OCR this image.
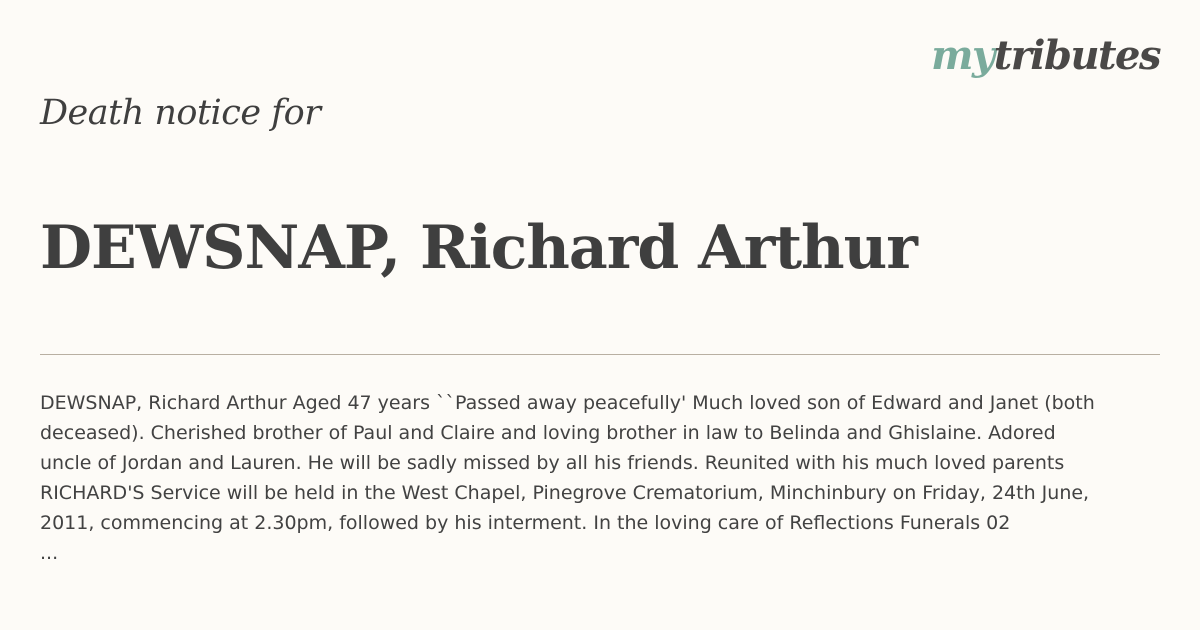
mytributes
Death notice for
DEWSNAP, Richard Arthur

DEWSNAP, Richard Arthur Aged 47 years ``Passed away peacefully' Much loved son of Edward and Janet (both

deceased). Cherished brother of Paul and Claire and loving brother in law to Belinda and Ghislaine. Adored

uncle of Jordan and Lauren. He will be sadly missed by all his friends. Reunited with his much loved parents

RICHARD'S Service will be held in the West Chapel, Pinegrove Crematorium, Minchinbury on Friday, 24th June,

2011, commencing at 2.30pm, followed by his interment. In the loving care of Reflections Funerals 02

...
